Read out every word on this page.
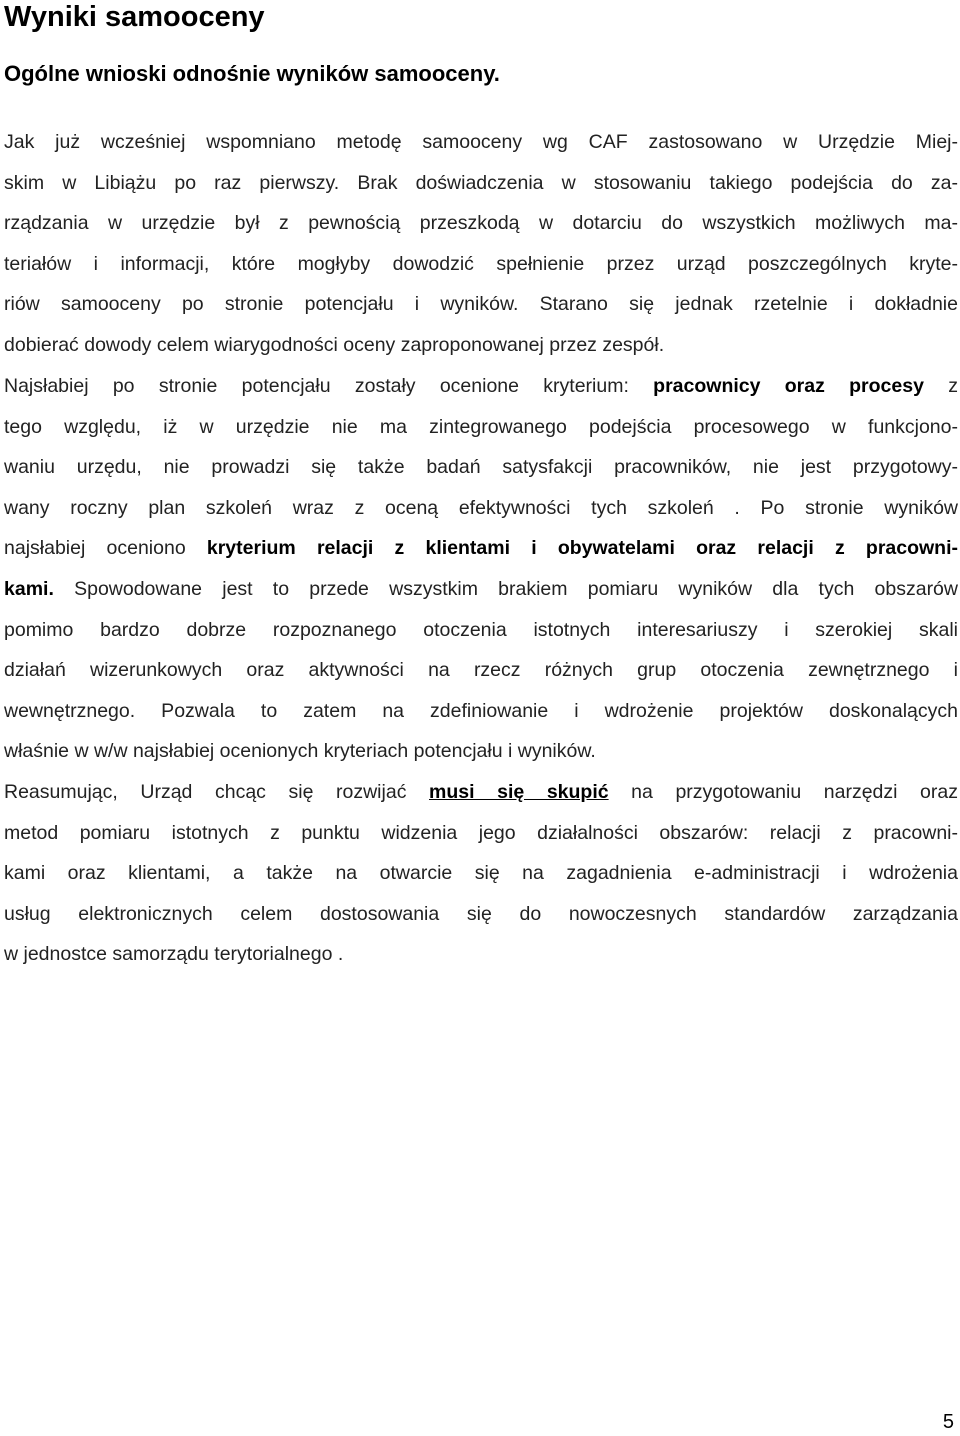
Wyniki samooceny
Ogólne wnioski odnośnie wyników samooceny.
Jak już wcześniej wspomniano metodę samooceny wg CAF zastosowano w Urzędzie Miej-
skim w Libiążu po raz pierwszy. Brak doświadczenia w stosowaniu takiego podejścia do za-
rządzania w urzędzie był z pewnością przeszkodą w dotarciu do wszystkich możliwych ma-
teriałów i informacji, które mogłyby dowodzić spełnienie przez urząd poszczególnych kryte-
riów samooceny po stronie potencjału i wyników. Starano się jednak rzetelnie i dokładnie
dobierać dowody celem wiarygodności oceny zaproponowanej przez zespół.
Najsłabiej po stronie potencjału zostały ocenione kryterium: pracownicy oraz procesy z
tego względu, iż w urzędzie nie ma zintegrowanego podejścia procesowego w funkcjono-
waniu urzędu, nie prowadzi się także badań satysfakcji pracowników, nie jest przygotowy-
wany roczny plan szkoleń wraz z oceną efektywności tych szkoleń . Po stronie wyników
najsłabiej oceniono kryterium relacji z klientami i obywatelami oraz relacji z pracowni-
kami. Spowodowane jest to przede wszystkim brakiem pomiaru wyników dla tych obszarów
pomimo bardzo dobrze rozpoznanego otoczenia istotnych interesariuszy i szerokiej skali
działań wizerunkowych oraz aktywności na rzecz różnych grup otoczenia zewnętrznego i
wewnętrznego. Pozwala to zatem na zdefiniowanie i wdrożenie projektów doskonalących
właśnie w w/w najsłabiej ocenionych kryteriach potencjału i wyników.
Reasumując, Urząd chcąc się rozwijać musi się skupić na przygotowaniu narzędzi oraz
metod pomiaru istotnych z punktu widzenia jego działalności obszarów: relacji z pracowni-
kami oraz klientami, a także na otwarcie się na zagadnienia e-administracji i wdrożenia
usług elektronicznych celem dostosowania się do nowoczesnych standardów zarządzania
w jednostce samorządu terytorialnego .
5
